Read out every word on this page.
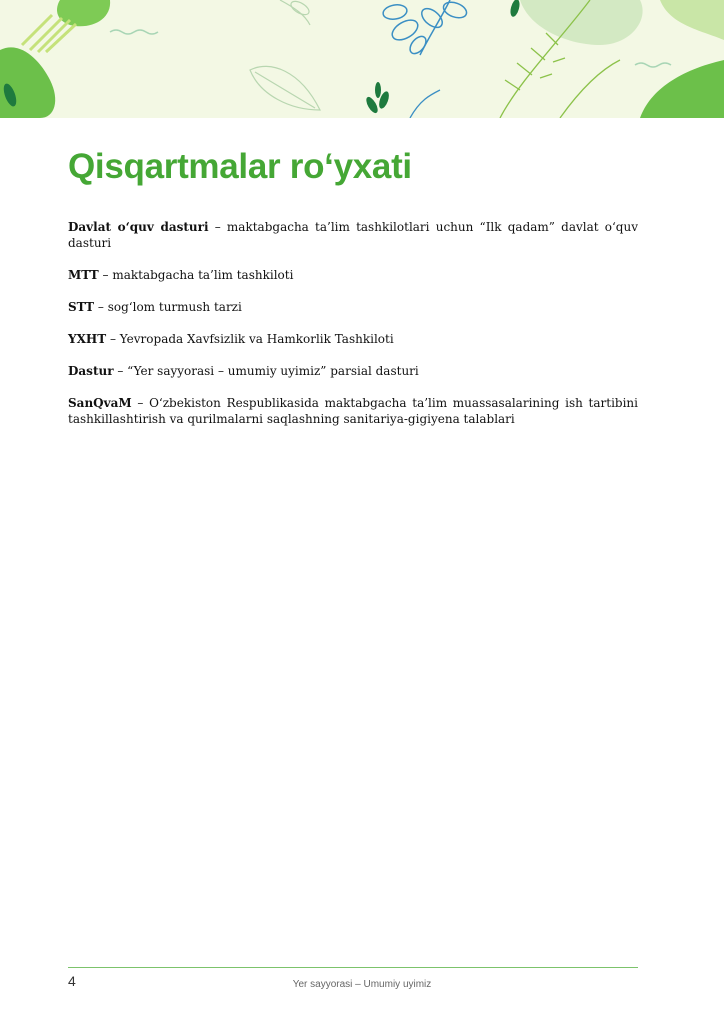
Qisqartmalar ro‘yxati

Davlat o‘quv dasturi – maktabgacha ta’lim tashkilotlari uchun “Ilk qadam” davlat o‘quv dasturi

MTT – maktabgacha ta’lim tashkiloti

STT – sog‘lom turmush tarzi

YXHT – Yevropada Xavfsizlik va Hamkorlik Tashkiloti

Dastur – “Yer sayyorasi – umumiy uyimiz” parsial dasturi

SanQvaM – O‘zbekiston Respublikasida maktabgacha ta’lim muassasalarining ish tartibini tashkillashtirish va qurilmalarni saqlashning sanitariya-gigiyena talablari

4	Yer sayyorasi – Umumiy uyimiz
